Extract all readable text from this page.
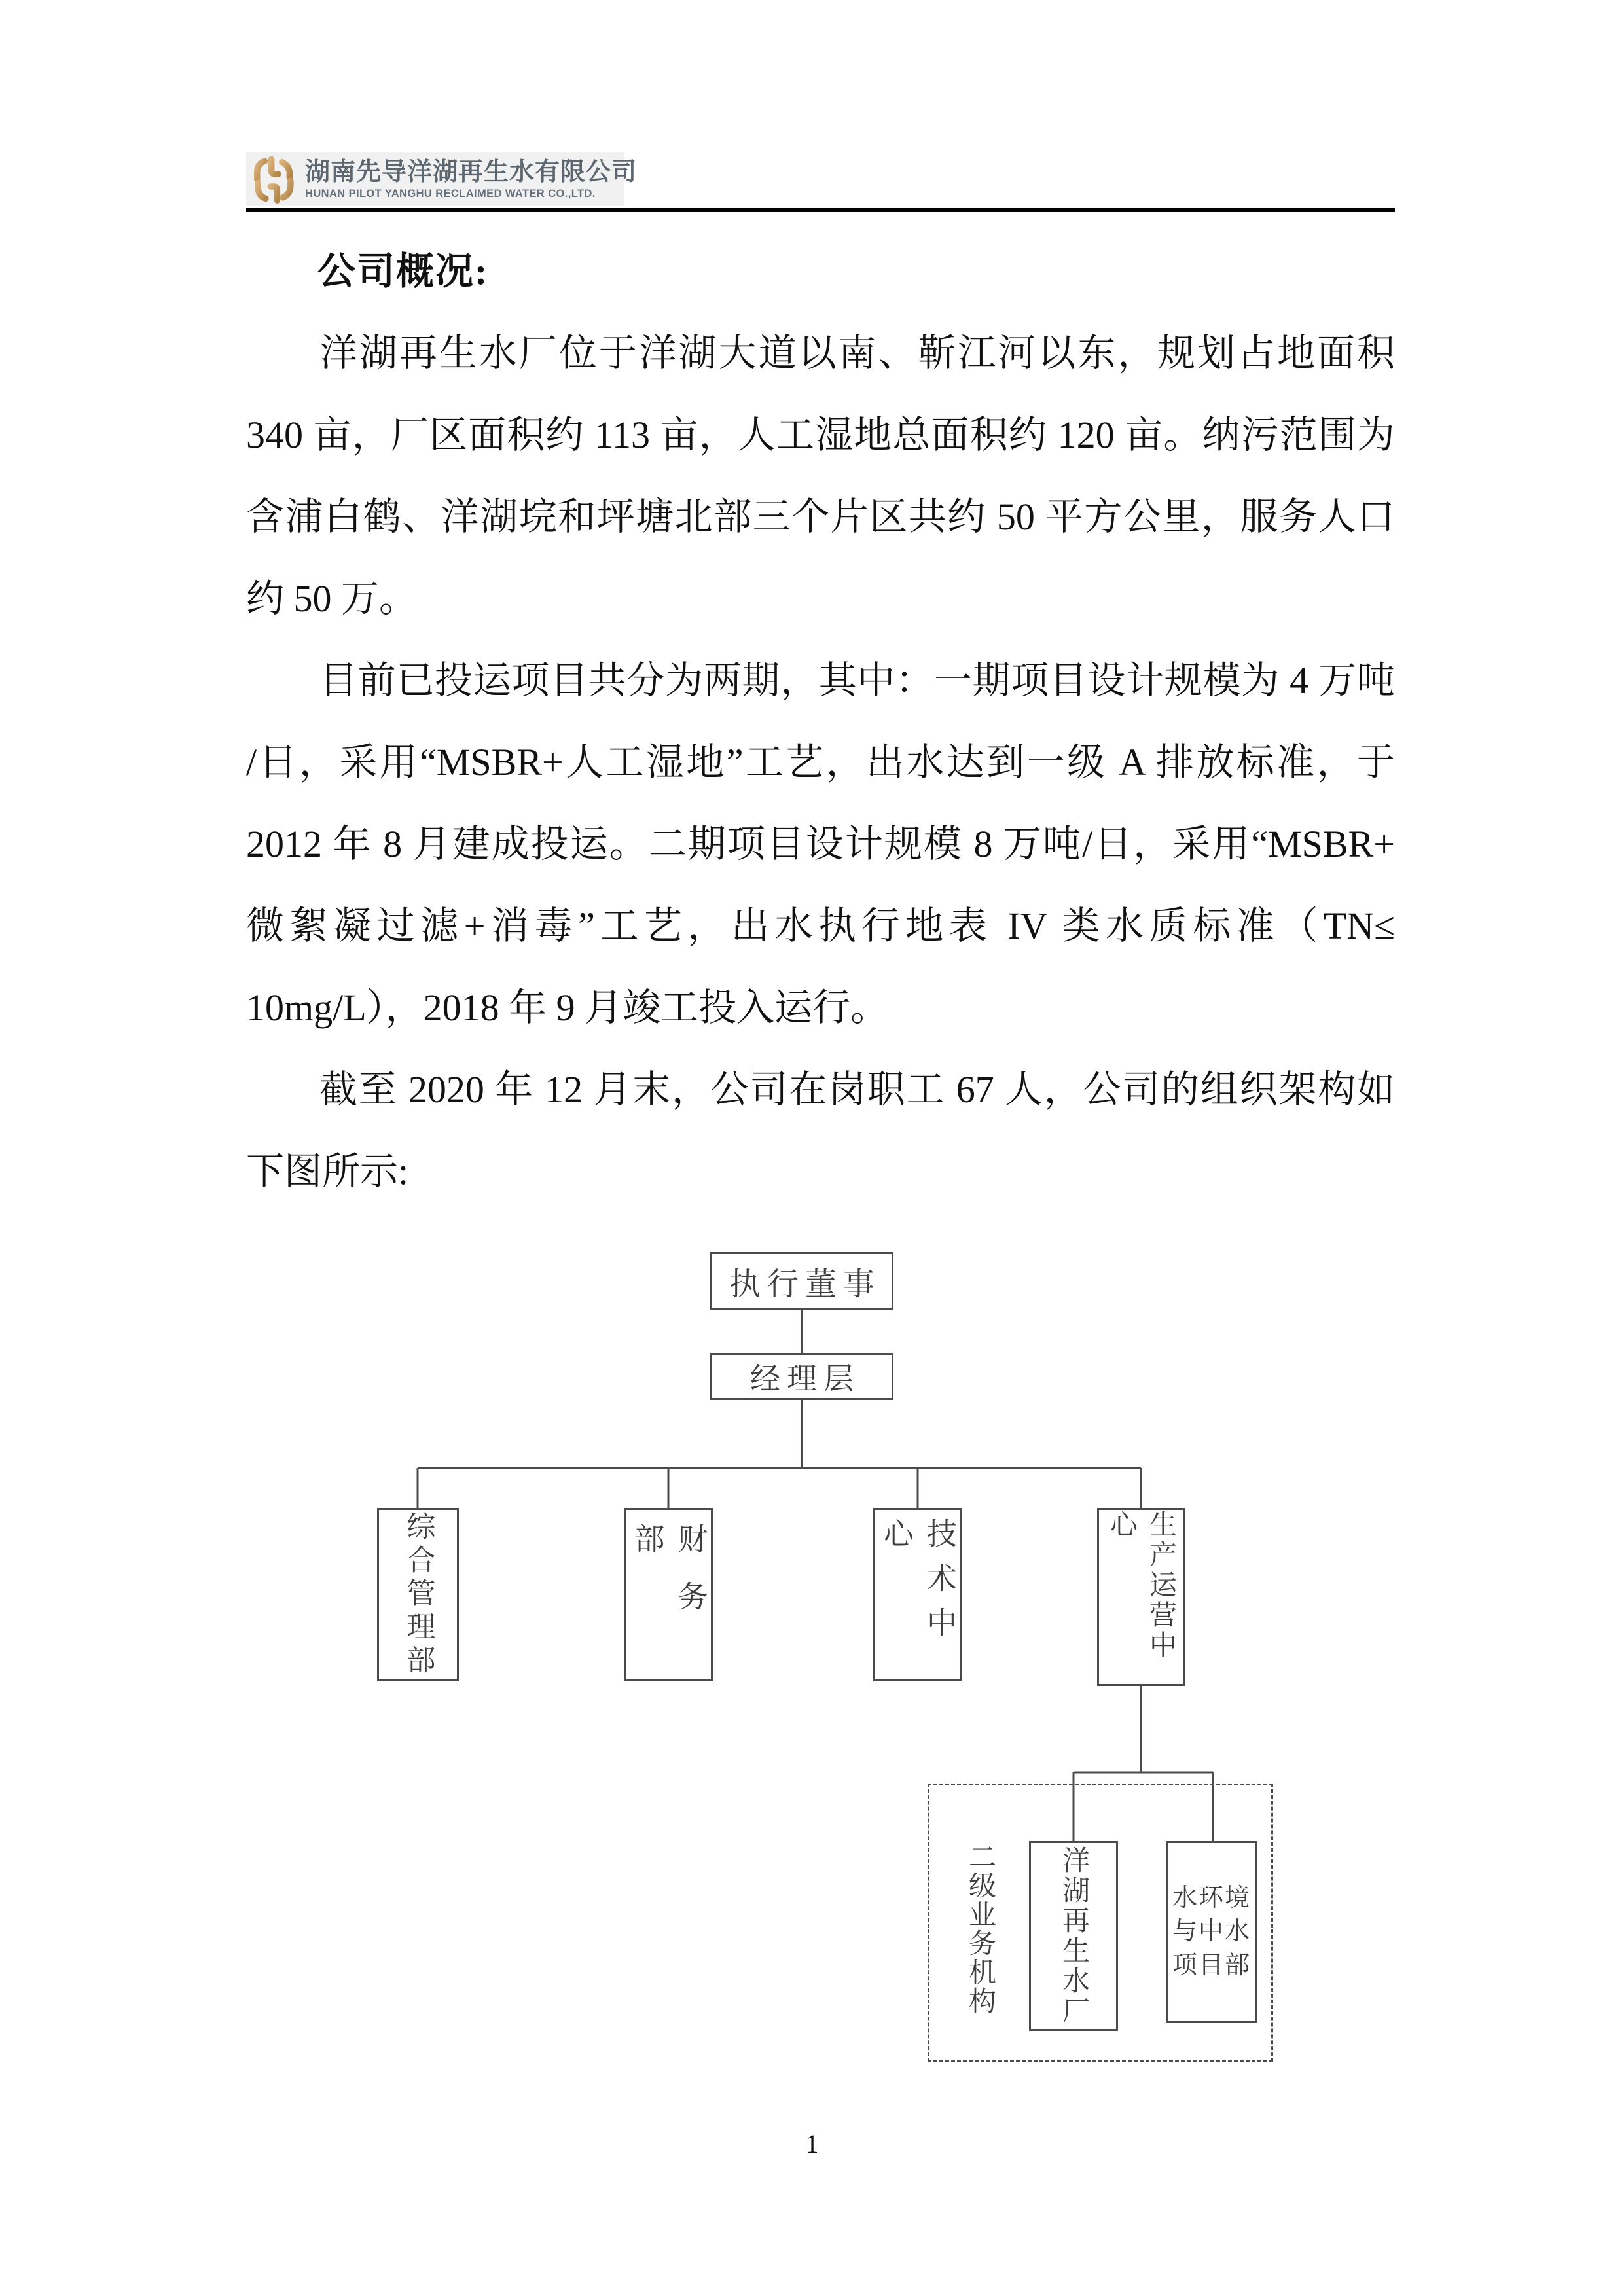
湖南先导洋湖再生水有限公司
HUNAN PILOT YANGHU RECLAIMED WATER CO.,LTD.
公司概况:
洋湖再生水厂位于洋湖大道以南、靳江河以东，规划占地面积
340 亩，厂区面积约 113 亩，人工湿地总面积约 120 亩。纳污范围为
含浦白鹤、洋湖垸和坪塘北部三个片区共约 50 平方公里，服务人口
约 50 万。
目前已投运项目共分为两期，其中：一期项目设计规模为 4 万吨
/日，采用“MSBR+人工湿地”工艺，出水达到一级 A 排放标准，于
2012 年 8 月建成投运。二期项目设计规模 8 万吨/日，采用“MSBR+
微絮凝过滤+消毒”工艺，出水执行地表 IV 类水质标准（TN≤
10mg/L），2018 年 9 月竣工投入运行。
截至 2020 年 12 月末，公司在岗职工 67 人，公司的组织架构如
下图所示:
执行董事
经理层
综合管理部	财务部	技术中心	生产运营中心
二级业务机构	洋湖再生水厂	水环境与中水项目部
1
